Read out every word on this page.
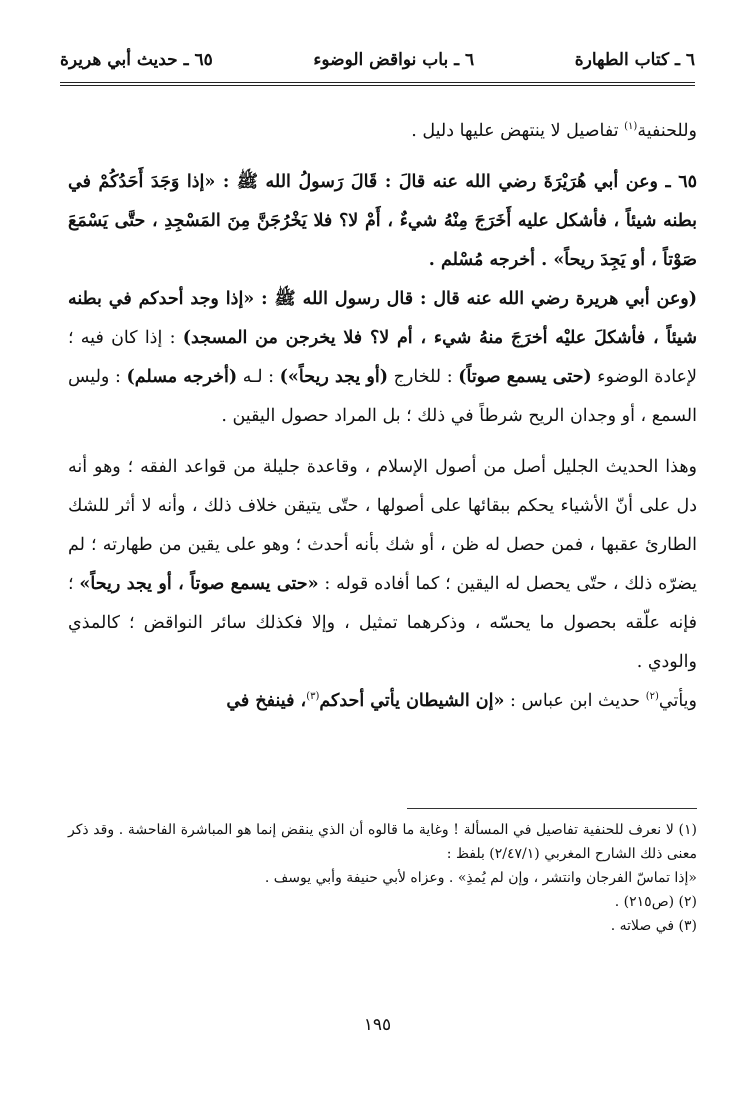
٦ ـ كتاب الطهارة
٦ ـ باب نواقض الوضوء
٦٥ ـ حديث أبي هريرة

وللحنفية$^{(١)}$ تفاصيل لا ينتهض عليها دليل .

٦٥ ـ وعن أبي هُرَيْرَةَ رضي الله عنه قالَ : قَالَ رَسولُ الله ﷺ : «إذا وَجَدَ أَحَدُكُمْ في بطنه شيئاً ، فأشكل عليه أَخَرَجَ مِنْهُ شيءٌ ، أَمْ لا؟ فلا يَخْرُجَنَّ مِنَ المَسْجِدِ ، حتَّى يَسْمَعَ صَوْتاً ، أو يَجِدَ ريحاً» . أخرجه مُسْلم .

(وعن أبي هريرة رضي الله عنه قال : قال رسول الله ﷺ : «إذا وجد أحدكم في بطنه شيئاً ، فأشكلَ عليْه أخرَجَ منهُ شيء ، أم لا؟ فلا يخرجن من المسجد) : إذا كان فيه ؛ لإعادة الوضوء (حتى يسمع صوتاً) : للخارج (أو يجد ريحاً») : لـه (أخرجه مسلم) : وليس السمع ، أو وجدان الريح شرطاً في ذلك ؛ بل المراد حصول اليقين .

وهذا الحديث الجليل أصل من أصول الإسلام ، وقاعدة جليلة من قواعد الفقه ؛ وهو أنه دل على أنّ الأشياء يحكم ببقائها على أصولها ، حتّى يتيقن خلاف ذلك ، وأنه لا أثر للشك الطارئ عقبها ، فمن حصل له ظن ، أو شك بأنه أحدث ؛ وهو على يقين من طهارته ؛ لم يضرّه ذلك ، حتّى يحصل له اليقين ؛ كما أفاده قوله : «حتى يسمع صوتاً ، أو يجد ريحاً» ؛ فإنه علّقه بحصول ما يحسّه ، وذكرهما تمثيل ، وإلا فكذلك سائر النواقض ؛ كالمذي والودي .

ويأتي$^{(٢)}$ حديث ابن عباس : «إن الشيطان يأتي أحدكم$^{(٣)}$، فينفخ في

(١) لا نعرف للحنفية تفاصيل في المسألة ! وغاية ما قالوه أن الذي ينقض إنما هو المباشرة الفاحشة . وقد ذكر معنى ذلك الشارح المغربي (٢/٤٧/١) بلفظ :

«إذا تماسّ الفرجان وانتشر ، وإن لم يُمذِ» . وعزاه لأبي حنيفة وأبي يوسف .

(٢) (ص٢١٥) .

(٣) في صلاته .

١٩٥
